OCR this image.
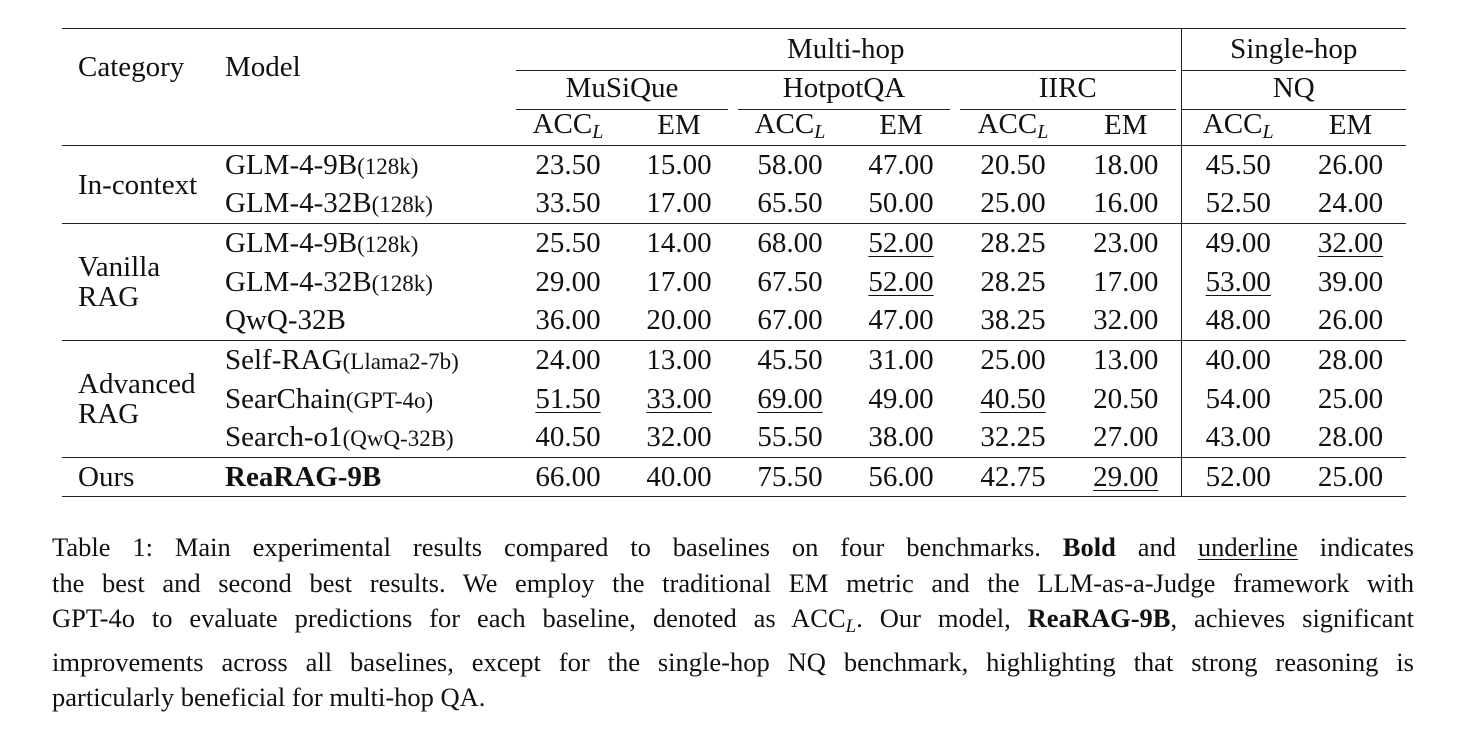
Category	Model	Multi-hop						Single-hop	

		MuSiQue		HotpotQA		IIRC		NQ	

		$ACC_L$	EM	$ACC_L$	EM	$ACC_L$	EM	$ACC_L$	EM
In-context	GLM-4-9B(128k)	23.50	15.00	58.00	47.00	20.50	18.00	45.50	26.00
	GLM-4-32B(128k)	33.50	17.00	65.50	50.00	25.00	16.00	52.50	24.00
Vanilla
RAG	GLM-4-9B(128k)	25.50	14.00	68.00	52.00	28.25	23.00	49.00	32.00
	GLM-4-32B(128k)	29.00	17.00	67.50	52.00	28.25	17.00	53.00	39.00
	QwQ-32B	36.00	20.00	67.00	47.00	38.25	32.00	48.00	26.00
Advanced
RAG	Self-RAG(Llama2-7b)	24.00	13.00	45.50	31.00	25.00	13.00	40.00	28.00
	SearChain(GPT-4o)	51.50	33.00	69.00	49.00	40.50	20.50	54.00	25.00
	Search-o1(QwQ-32B)	40.50	32.00	55.50	38.00	32.25	27.00	43.00	28.00
Ours	ReaRAG-9B	66.00	40.00	75.50	56.00	42.75	29.00	52.00	25.00
Table 1: Main experimental results compared to baselines on four benchmarks. Bold and underline indicates
the best and second best results. We employ the traditional EM metric and the LLM-as-a-Judge framework with
GPT-4o to evaluate predictions for each baseline, denoted as ACCL. Our model, ReaRAG-9B, achieves significant
improvements across all baselines, except for the single-hop NQ benchmark, highlighting that strong reasoning is
particularly beneficial for multi-hop QA.
